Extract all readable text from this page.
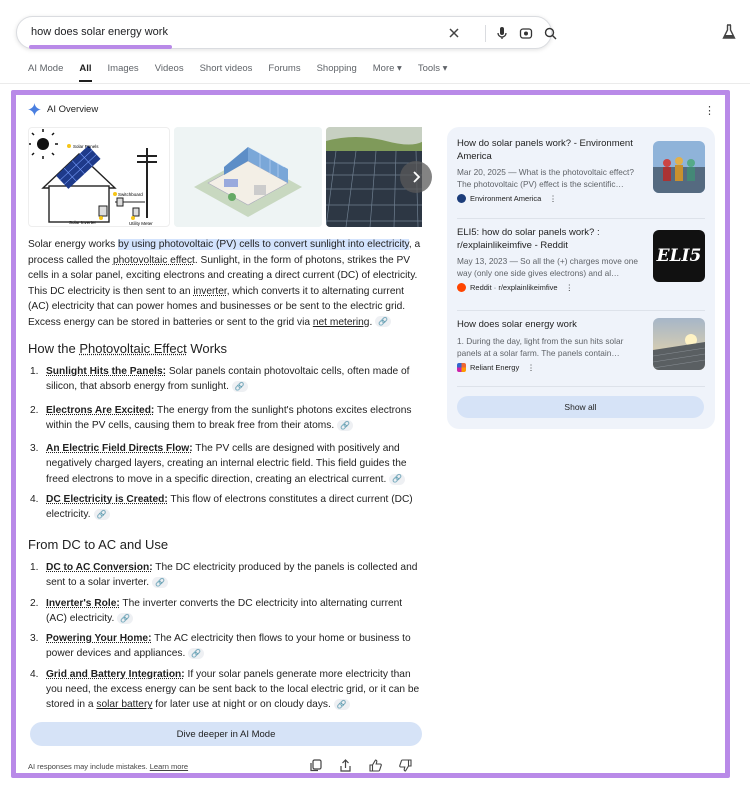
how does solar energy work
AI Mode All Images Videos Short videos Forums Shopping More ▾ Tools ▾
AI Overview	⋮
Solar Panels
Switchboard
Solar Inverter	Utility Meter
Solar energy works by using photovoltaic (PV) cells to convert sunlight into electricity, a process called the photovoltaic effect. Sunlight, in the form of photons, strikes the PV cells in a solar panel, exciting electrons and creating a direct current (DC) of electricity. This DC electricity is then sent to an inverter, which converts it to alternating current (AC) electricity that can power homes and businesses or be sent to the electric grid. Excess energy can be stored in batteries or sent to the grid via net metering. 🔗
How the Photovoltaic Effect Works
1. Sunlight Hits the Panels: Solar panels contain photovoltaic cells, often made of silicon, that absorb energy from sunlight. 🔗
2. Electrons Are Excited: The energy from the sunlight's photons excites electrons within the PV cells, causing them to break free from their atoms. 🔗
3. An Electric Field Directs Flow: The PV cells are designed with positively and negatively charged layers, creating an internal electric field. This field guides the freed electrons to move in a specific direction, creating an electrical current. 🔗
4. DC Electricity is Created: This flow of electrons constitutes a direct current (DC) electricity. 🔗
From DC to AC and Use
1. DC to AC Conversion: The DC electricity produced by the panels is collected and sent to a solar inverter. 🔗
2. Inverter's Role: The inverter converts the DC electricity into alternating current (AC) electricity. 🔗
3. Powering Your Home: The AC electricity then flows to your home or business to power devices and appliances. 🔗
4. Grid and Battery Integration: If your solar panels generate more electricity than you need, the excess energy can be sent back to the local electric grid, or it can be stored in a solar battery for later use at night or on cloudy days. 🔗
Dive deeper in AI Mode
AI responses may include mistakes. Learn more
How do solar panels work? - Environment America
Mar 20, 2025 — What is the photovoltaic effect? The photovoltaic (PV) effect is the scientific…
Environment America ⋮
ELI5: how do solar panels work? : r/explainlikeimfive - Reddit
May 13, 2023 — So all the (+) charges move one way (only one side gives electrons) and al…
Reddit · r/explainlikeimfive ⋮
ELI5
How does solar energy work
1. During the day, light from the sun hits solar panels at a solar farm. The panels contain…
Reliant Energy ⋮
Show all
